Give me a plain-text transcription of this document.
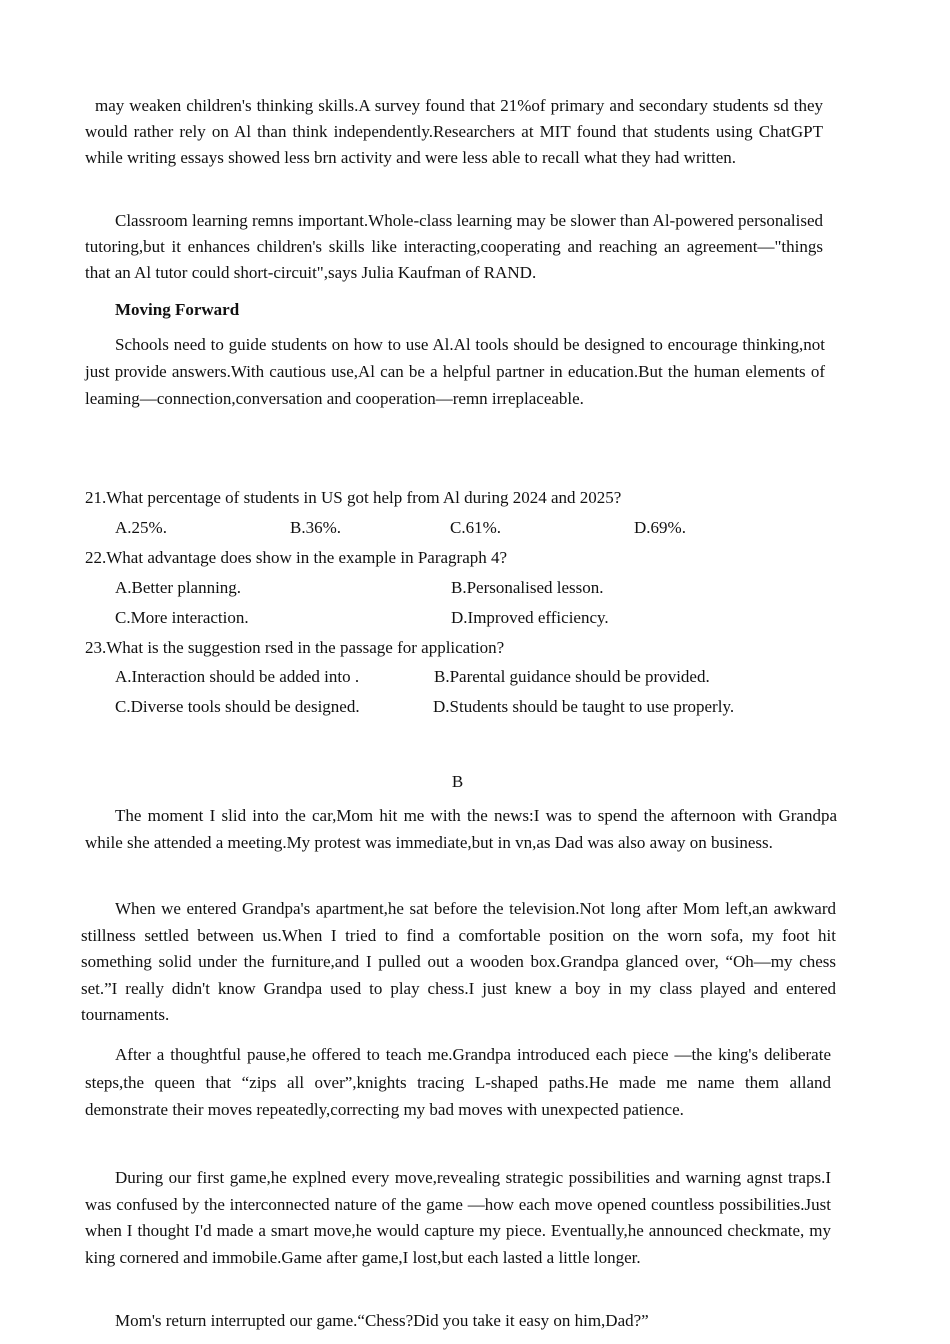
may weaken children's thinking skills.A survey found that 21%of primary and secondary students sd they would rather rely on Al than think independently.Researchers at MIT found that students using ChatGPT while writing essays showed less brn activity and were less able to recall what they had written.

Classroom learning remns important.Whole-class learning may be slower than Al-powered personalised tutoring,but it enhances children's skills like interacting,cooperating and reaching an agreement—"things that an Al tutor could short-circuit",says Julia Kaufman of RAND.

Moving Forward

Schools need to guide students on how to use Al.Al tools should be designed to encourage thinking,not just provide answers.With cautious use,Al can be a helpful partner in education.But the human elements of leaming—connection,conversation and cooperation—remn irreplaceable.

21.What percentage of students in US got help from Al during 2024 and 2025?

A.25%.	B.36%.	C.61%.	D.69%.

22.What advantage does show in the example in Paragraph 4?

A.Better planning.	B.Personalised lesson.

C.More interaction.	D.Improved efficiency.

23.What is the suggestion rsed in the passage for application?

A.Interaction should be added into .	B.Parental guidance should be provided.

C.Diverse tools should be designed.	D.Students should be taught to use properly.

B

The moment I slid into the car,Mom hit me with the news:I was to spend the afternoon with Grandpa while she attended a meeting.My protest was immediate,but in vn,as Dad was also away on business.

When we entered Grandpa's apartment,he sat before the television.Not long after Mom left,an awkward stillness settled between us.When I tried to find a comfortable position on the worn sofa, my foot hit something solid under the furniture,and I pulled out a wooden box.Grandpa glanced over, “Oh—my chess set.”I really didn't know Grandpa used to play chess.I just knew a boy in my class played and entered tournaments.

After a thoughtful pause,he offered to teach me.Grandpa introduced each piece —the king's deliberate steps,the queen that “zips all over”,knights tracing L-shaped paths.He made me name them alland demonstrate their moves repeatedly,correcting my bad moves with unexpected patience.

During our first game,he explned every move,revealing strategic possibilities and warning agnst traps.I was confused by the interconnected nature of the game —how each move opened countless possibilities.Just when I thought I'd made a smart move,he would capture my piece. Eventually,he announced checkmate, my king cornered and immobile.Game after game,I lost,but each lasted a little longer.

Mom's return interrupted our game.“Chess?Did you take it easy on him,Dad?”
